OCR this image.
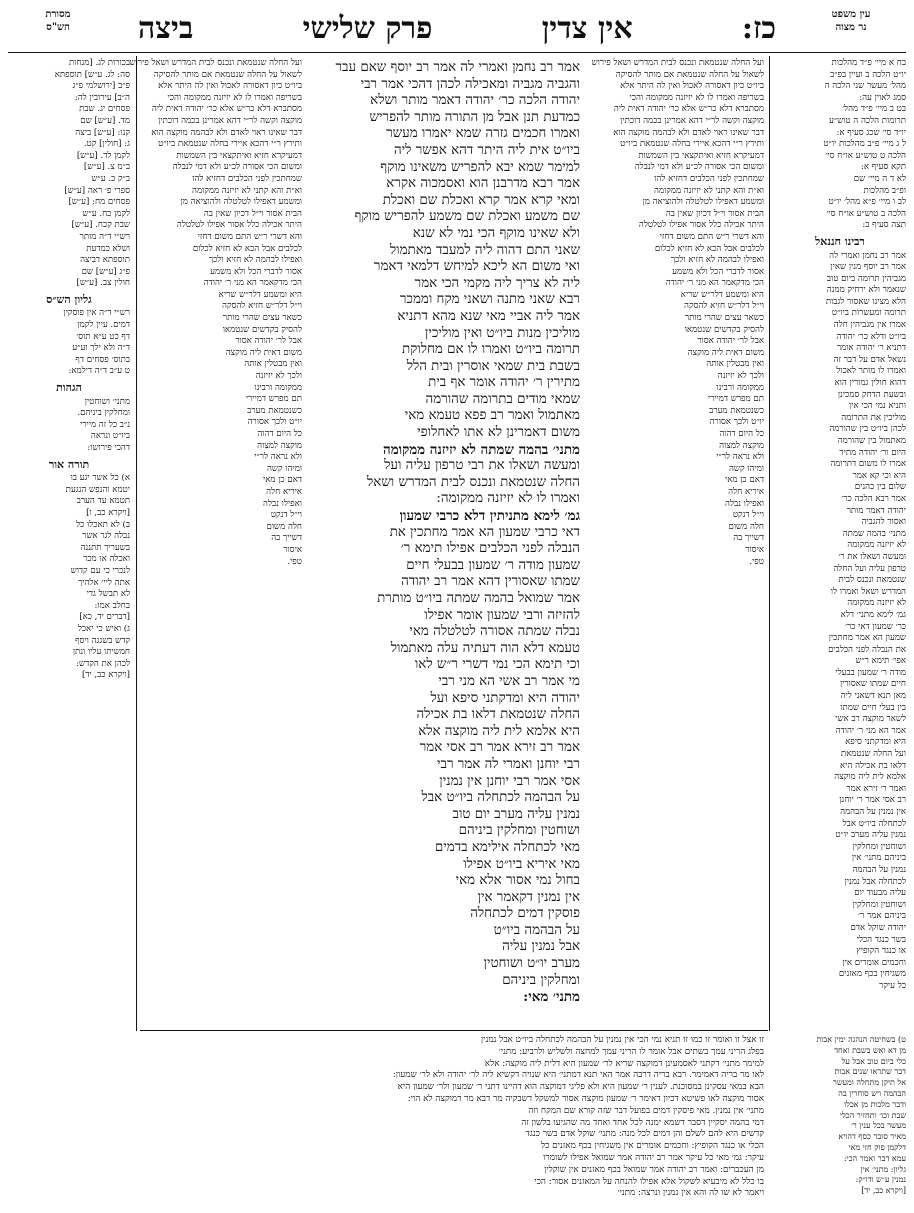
עין משפט
נר מצוה
כז:
אין צדין
פרק שלישי
ביצה
מסורת
הש"ס
בח א מיי׳ פ״ד מהלכות
יו״ט הלכה ב ועיין בפ״ב
מהל׳ מעשר שני הלכה ה
סמג לאוין עה:
בט ב מיי׳ פ״ד מהל׳
תרומות הלכה ה טוש״ע
יו״ד סי׳ שכג סעיף א:
ל ג מיי׳ פ״ב מהלכות יו״ט
הלכה ט טוש״ע או״ח סי׳
תקא סעיף א:
לא ד ה מיי׳ שם
ופ״ב מהלכות
לב ו מיי׳ פ״א מהל׳ יו״ט
הלכה ב טוש״ע או״ח סי׳
תצה סעיף ב:
רבינו חננאל
אמר רב נחמן ואמרי לה
אמר רב יוסף מנין שאין
מגביהין תרומה ביום טוב
שנאמר ולא ירחיק ממנה
הלא מצינו שאסור לגבות
תרומה ומעשרות ביו״ט
אמרו אין מגביהין חלה
ביו״ט ודלא כר׳ יהודה
דתניא ר׳ יהודה אומר
נשאל אדם על דבר זה
ואמרו לו מותר לאכול
דהוא חולין גמורין הוא
ובשעת הדחק סמכינן
ותניא נמי הכי אין
מוליכין את התרומה
לכהן ביו״ט בין שהורמה
מאתמול בין שהורמה
היום ור׳ יהודה מתיר
אמרו לו משום דתרומה
היא וכי קא אמר
שלום בין כהנים
אמר רבא הלכה כר׳
יהודה דאמר מותר
ואסור להגביה
מתני׳ בהמה שמתה
לא יזיזנה ממקומה
ומעשה ושאלו את ר׳
טרפון עליה ועל החלה
שנטמאת ונכנס לבית
המדרש ושאל ואמרו לו
לא יזיזנה ממקומה
גמ׳ לימא מתני׳ דלא
כר׳ שמעון דאי כר׳
שמעון הא אמר מחתכין
את הנבלה לפני הכלבים
אפי׳ תימא ר״ש
מודה ר׳ שמעון בבעלי
חיים שמתו שאסורין
מאן תנא דשאני ליה
בין בעלי חיים שמתו
לשאר מוקצה רב אשי
אמר הא מני ר׳ יהודה
היא ומדקתני סיפא
ועל החלה שנטמאת
דלאו בת אכילה היא
אלמא לית ליה מוקצה
ואמר ר׳ זירא אמר
רב אסי אמר ר׳ יוחנן
אין נמנין על הבהמה
לכתחלה ביו״ט אבל
נמנין עליה מערב יו״ט
ושוחטין ומחלקין
ביניהם מתני׳ אין
נמנין על הבהמה
לכתחלה אבל נמנין
עליה מבעוד יום
ושוחטין ומחלקין
ביניהם אמר ר׳
יהודה שוקל אדם
בשר כנגד הכלי
או כנגד הקופיץ
וחכמים אומרים אין
משגיחין בכף מאזנים
כל עיקר
בכורות לג. [מנחות
סה: לג. ע״ש] תוספתא
פ״ב [ירושלמי פ״ג
ה״ב] עירובין לה:
פסחים יג. שבת
מד. [ע״ש] שם
קנו: [ע״ש] ביצה
ג: [חולין] קט.
לקמן לד. [ע״ש]
ב״מ צ. [ע״ש]
ב״ק כ. ע״ש
ספרי פ׳ ראה [ע״ש]
פסחים מח: [ע״ש]
לקמן כח. ע״ש
שבת קכח. [ע״ש]
רש״י ד״ה מותר
ושלא כמדעת
תוספתא דביצה
פ״ג [ע״ש] שם
חולין צב. [ע״ש]
גליון הש״ס
רש״י ד״ה אין פוסקין
דמים. עיין לקמן
דף כט ע״א תוס׳
ד״ה ולא ילך וע״ע
בתוס׳ פסחים דף
ט ע״ב ד״ה דילמא:
הגהות
מתני׳ ושוחטין
ומחלקין ביניהם.
נ״ב כל זה מיירי
ביו״ט ונראה
דהכי פירושו:
תורה אור
א) כל אשר יגע בו
יטמא והנפש הנגעת
תטמא עד הערב
[ויקרא כב, ו]
ב) לא תאכלו כל
נבלה לגר אשר
בשעריך תתננה
ואכלה או מכר
לנכרי כי עם קדוש
אתה ליי׳ אלהיך
לא תבשל גדי
בחלב אמו:
[דברים יד, כא]
ג) ואיש כי יאכל
קדש בשגגה ויסף
חמשיתו עליו ונתן
לכהן את הקדש:
[ויקרא כב, יד]
ועל החלה שנטמאת ונכנס לבית המדרש ושאל פירוש
לשאול על החלה שנטמאת אם מותר להסיקה
ביו״ט כיון דאסורה לאכול ואין לה היתר אלא
בשריפה ואמרו לו לא יזיזנה ממקומה והכי
מסתברא דלא כר״ש אלא כר׳ יהודה דאית ליה
מוקצה וקשה לר״י דהא אמרינן בכמה דוכתין
דבר שאינו ראוי לאדם ולא לבהמה מוקצה הוא
ותירץ ר״י דהכא איירי בחלה שנטמאת ביו״ט
דמעיקרא חזיא ואיתקצאי בין השמשות
ומשום הכי אסורה לכ״ע ולא דמי לנבלה
שמחתכין לפני הכלבים דחזיא להו
וא״ת והא קתני לא יזיזנה ממקומה
ומשמע דאפילו לטלטלה ולהוציאה מן
הבית אסור וי״ל דכיון שאין בה
היתר אכילה כלל אסור אפילו לטלטלה
והא דשרי ר״ש התם משום דחזי
לכלבים אבל הכא לא חזיא לכלום
ואפילו לבהמה לא חזיא ולכך
אסור לדברי הכל ולא משמע
הכי מדקאמר הא מני ר׳ יהודה
היא ומשמע דלר״ש שריא
וי״ל דלר״ש חזיא להסקה
כשאר עצים שהרי מותר
להסיק בקדשים שנטמאו
אבל לר׳ יהודה אסור
משום דאית ליה מוקצה
ואין מבטלין אותה
ולכך לא יזיזנה
ממקומה ורבינו
תם מפרש דמיירי
כשנטמאת מערב
יו״ט ולכך אסורה
כל היום דהוה
מוקצה למצוה
ולא נראה לר״י
ומיהו קשה
דאם כן מאי
איריא חלה
ואפילו נבלה
וי״ל דנקט
חלה משום
דשייך בה
איסור
טפי.
ועל החלה שנטמאת ונכנס לבית המדרש ושאל פירוש
לשאול על החלה שנטמאת אם מותר להסיקה
ביו״ט כיון דאסורה לאכול ואין לה היתר אלא
בשריפה ואמרו לו לא יזיזנה ממקומה והכי
מסתברא דלא כר״ש אלא כר׳ יהודה דאית ליה
מוקצה וקשה לר״י דהא אמרינן בכמה דוכתין
דבר שאינו ראוי לאדם ולא לבהמה מוקצה הוא
ותירץ ר״י דהכא איירי בחלה שנטמאת ביו״ט
דמעיקרא חזיא ואיתקצאי בין השמשות
ומשום הכי אסורה לכ״ע ולא דמי לנבלה
שמחתכין לפני הכלבים דחזיא להו
וא״ת והא קתני לא יזיזנה ממקומה
ומשמע דאפילו לטלטלה ולהוציאה מן
הבית אסור וי״ל דכיון שאין בה
היתר אכילה כלל אסור אפילו לטלטלה
והא דשרי ר״ש התם משום דחזי
לכלבים אבל הכא לא חזיא לכלום
ואפילו לבהמה לא חזיא ולכך
אסור לדברי הכל ולא משמע
הכי מדקאמר הא מני ר׳ יהודה
היא ומשמע דלר״ש שריא
וי״ל דלר״ש חזיא להסקה
כשאר עצים שהרי מותר
להסיק בקדשים שנטמאו
אבל לר׳ יהודה אסור
משום דאית ליה מוקצה
ואין מבטלין אותה
ולכך לא יזיזנה
ממקומה ורבינו
תם מפרש דמיירי
כשנטמאת מערב
יו״ט ולכך אסורה
כל היום דהוה
מוקצה למצוה
ולא נראה לר״י
ומיהו קשה
דאם כן מאי
איריא חלה
ואפילו נבלה
וי״ל דנקט
חלה משום
דשייך בה
איסור
טפי.
אמר רב נחמן ואמרי לה אמר רב יוסף שאם עבר
והגביה מגביה ומאכילה לכהן דהכי אמר רבי
יהודה הלכה כר׳ יהודה דאמר מותר ושלא
כמדעת תנן אבל מן התורה מותר להפריש
ואמרו חכמים גזרה שמא יאמרו מעשר
ביו״ט אית ליה היתר דהא אפשר ליה
למימר שמא יבא להפריש משאינו מוקף
אמר רבא מדרבנן הוא ואסמכוה אקרא
ומאי קרא אמר קרא ואכלת שם ואכלת
שם משמע ואכלת שם משמע להפריש מוקף
ולא שאינו מוקף הכי נמי לא שנא
שאני התם דהוה ליה למעבד מאתמול
ואי משום הא ליכא למיחש דלמאי דאמר
ליה לא צריך ליה מקמי הכי אמר
רבא שאני מתנה ושאני מקח וממכר
אמר ליה אביי מאי שנא מהא דתניא
מוליכין מנות ביו״ט ואין מוליכין
תרומה ביו״ט ואמרו לו אם מחלוקת
בשבת בית שמאי אוסרין ובית הלל
מתירין ר׳ יהודה אומר אף בית
שמאי מודים בתרומה שהורמה
מאתמול ואמר רב פפא טעמא מאי
משום דאמרינן לא אתו לאחלופי
מתני׳ בהמה שמתה לא יזיזנה ממקומה
ומעשה ושאלו את רבי טרפון עליה ועל
החלה שנטמאת ונכנס לבית המדרש ושאל
ואמרו לו לא יזיזנה ממקומה:
גמ׳ לימא מתניתין דלא כרבי שמעון
דאי כרבי שמעון הא אמר מחתכין את
הנבלה לפני הכלבים אפילו תימא ר׳
שמעון מודה ר׳ שמעון בבעלי חיים
שמתו שאסורין דהא אמר רב יהודה
אמר שמואל בהמה שמתה ביו״ט מותרת
להזיזה ורבי שמעון אומר אפילו
נבלה שמתה אסורה לטלטלה מאי
טעמא דלא הוה דעתיה עלה מאתמול
וכי תימא הכי נמי דשרי ר״ש לאו
מי אמר רב אשי הא מני רבי
יהודה היא ומדקתני סיפא ועל
החלה שנטמאת דלאו בת אכילה
היא אלמא לית ליה מוקצה אלא
אמר רב זירא אמר רב אסי אמר
רבי יוחנן ואמרי לה אמר רבי
אסי אמר רבי יוחנן אין נמנין
על הבהמה לכתחלה ביו״ט אבל
נמנין עליה מערב יום טוב
ושוחטין ומחלקין ביניהם
מאי לכתחלה אילימא בדמים
מאי איריא ביו״ט אפילו
בחול נמי אסור אלא מאי
אין נמנין דקאמר אין
פוסקין דמים לכתחלה
על הבהמה ביו״ט
אבל נמנין עליה
מערב יו״ט ושוחטין
ומחלקין ביניהם
מתני׳ מאי:
זו אצל זו ואומר זו כמו זו תניא נמי הכי אין נמנין על הבהמה לכתחלה ביו״ט אבל נמנין
בפלג הריני עמך בשתים אבל אומר לו הריני עמך למחצה ולשליש ולרביע: מתני׳
למימר מתני׳ דקתני לאסמעינן דמוקצה שריא לר׳ שמעון היא דלית ליה מוקצה: אלא
לאו מר בריה דאמימר. רבא בריה דרבה אמר האי תנא דמתני׳ היא שנויה דקשיא ליה לר׳ יהודה ולא לר׳ שמעון:
הבא במאי עסקינן במסוכנת. לענין ר׳ שמעון היא ולא פליגי דמוקצה הוא דהיינו דתני ר׳ שמעון ולר׳ שמעון היא
אסור מוקצה לאו פשיטא דכיון דאימר ר׳ שמעון מוקצה אסור למשקל דשבקיה מר דבא מר דמוקצה לא הוי:
מתני׳ אין נמנין. מאי פיסקין דמים בפועל דבר שזה קורא שם המקח וזה
דמי בהמה יסקיין דסבר דשמא ימנה לכל אחד ואחד מה שהגיעו בלשון זה
קדשים היא להם לשלם והן דמים לכל מנה: מתני׳ שוקל אדם בשר כנגד
הכלי או כנגד הקופיץ: וחכמים אומרים אין משגיחין בכף מאזנים כל
עיקר: גמ׳ מאי כל עיקר אמר רב יהודה אמר שמואל אפילו לשומרו
מן העכברים: ואמר רב יהודה אמר שמואל בכף מאזנים אין שוקלין
בו כלל לא מיבעיא לשקול אלא אפילו להנחה על המאזנים אסור: הכי
ויאמר לא שו לה והא אין נמנין ונרצה: מתני׳
ט) בשחיטה הנהגה ימין אבות
מן דא ואש בשבת ואחד
כלי ביום טוב אבל על
דבר שתראו שנים אבות
אל תיקן מתחלה ומעשר
הבהמה ויש סוחרין בה
ודבר מלכות מן אכלו
שבת וכו׳ ותחזיר הכלי
מעשר בכל ענין ר׳
מאיר סובר כסף דהויא
דלקמן פוק חזי מאי
עמא דבר ואמר הכי:
גליון: מתני׳ אין
נמנין ע״ש ודו״ק:
[ויקרא כב, יד]
